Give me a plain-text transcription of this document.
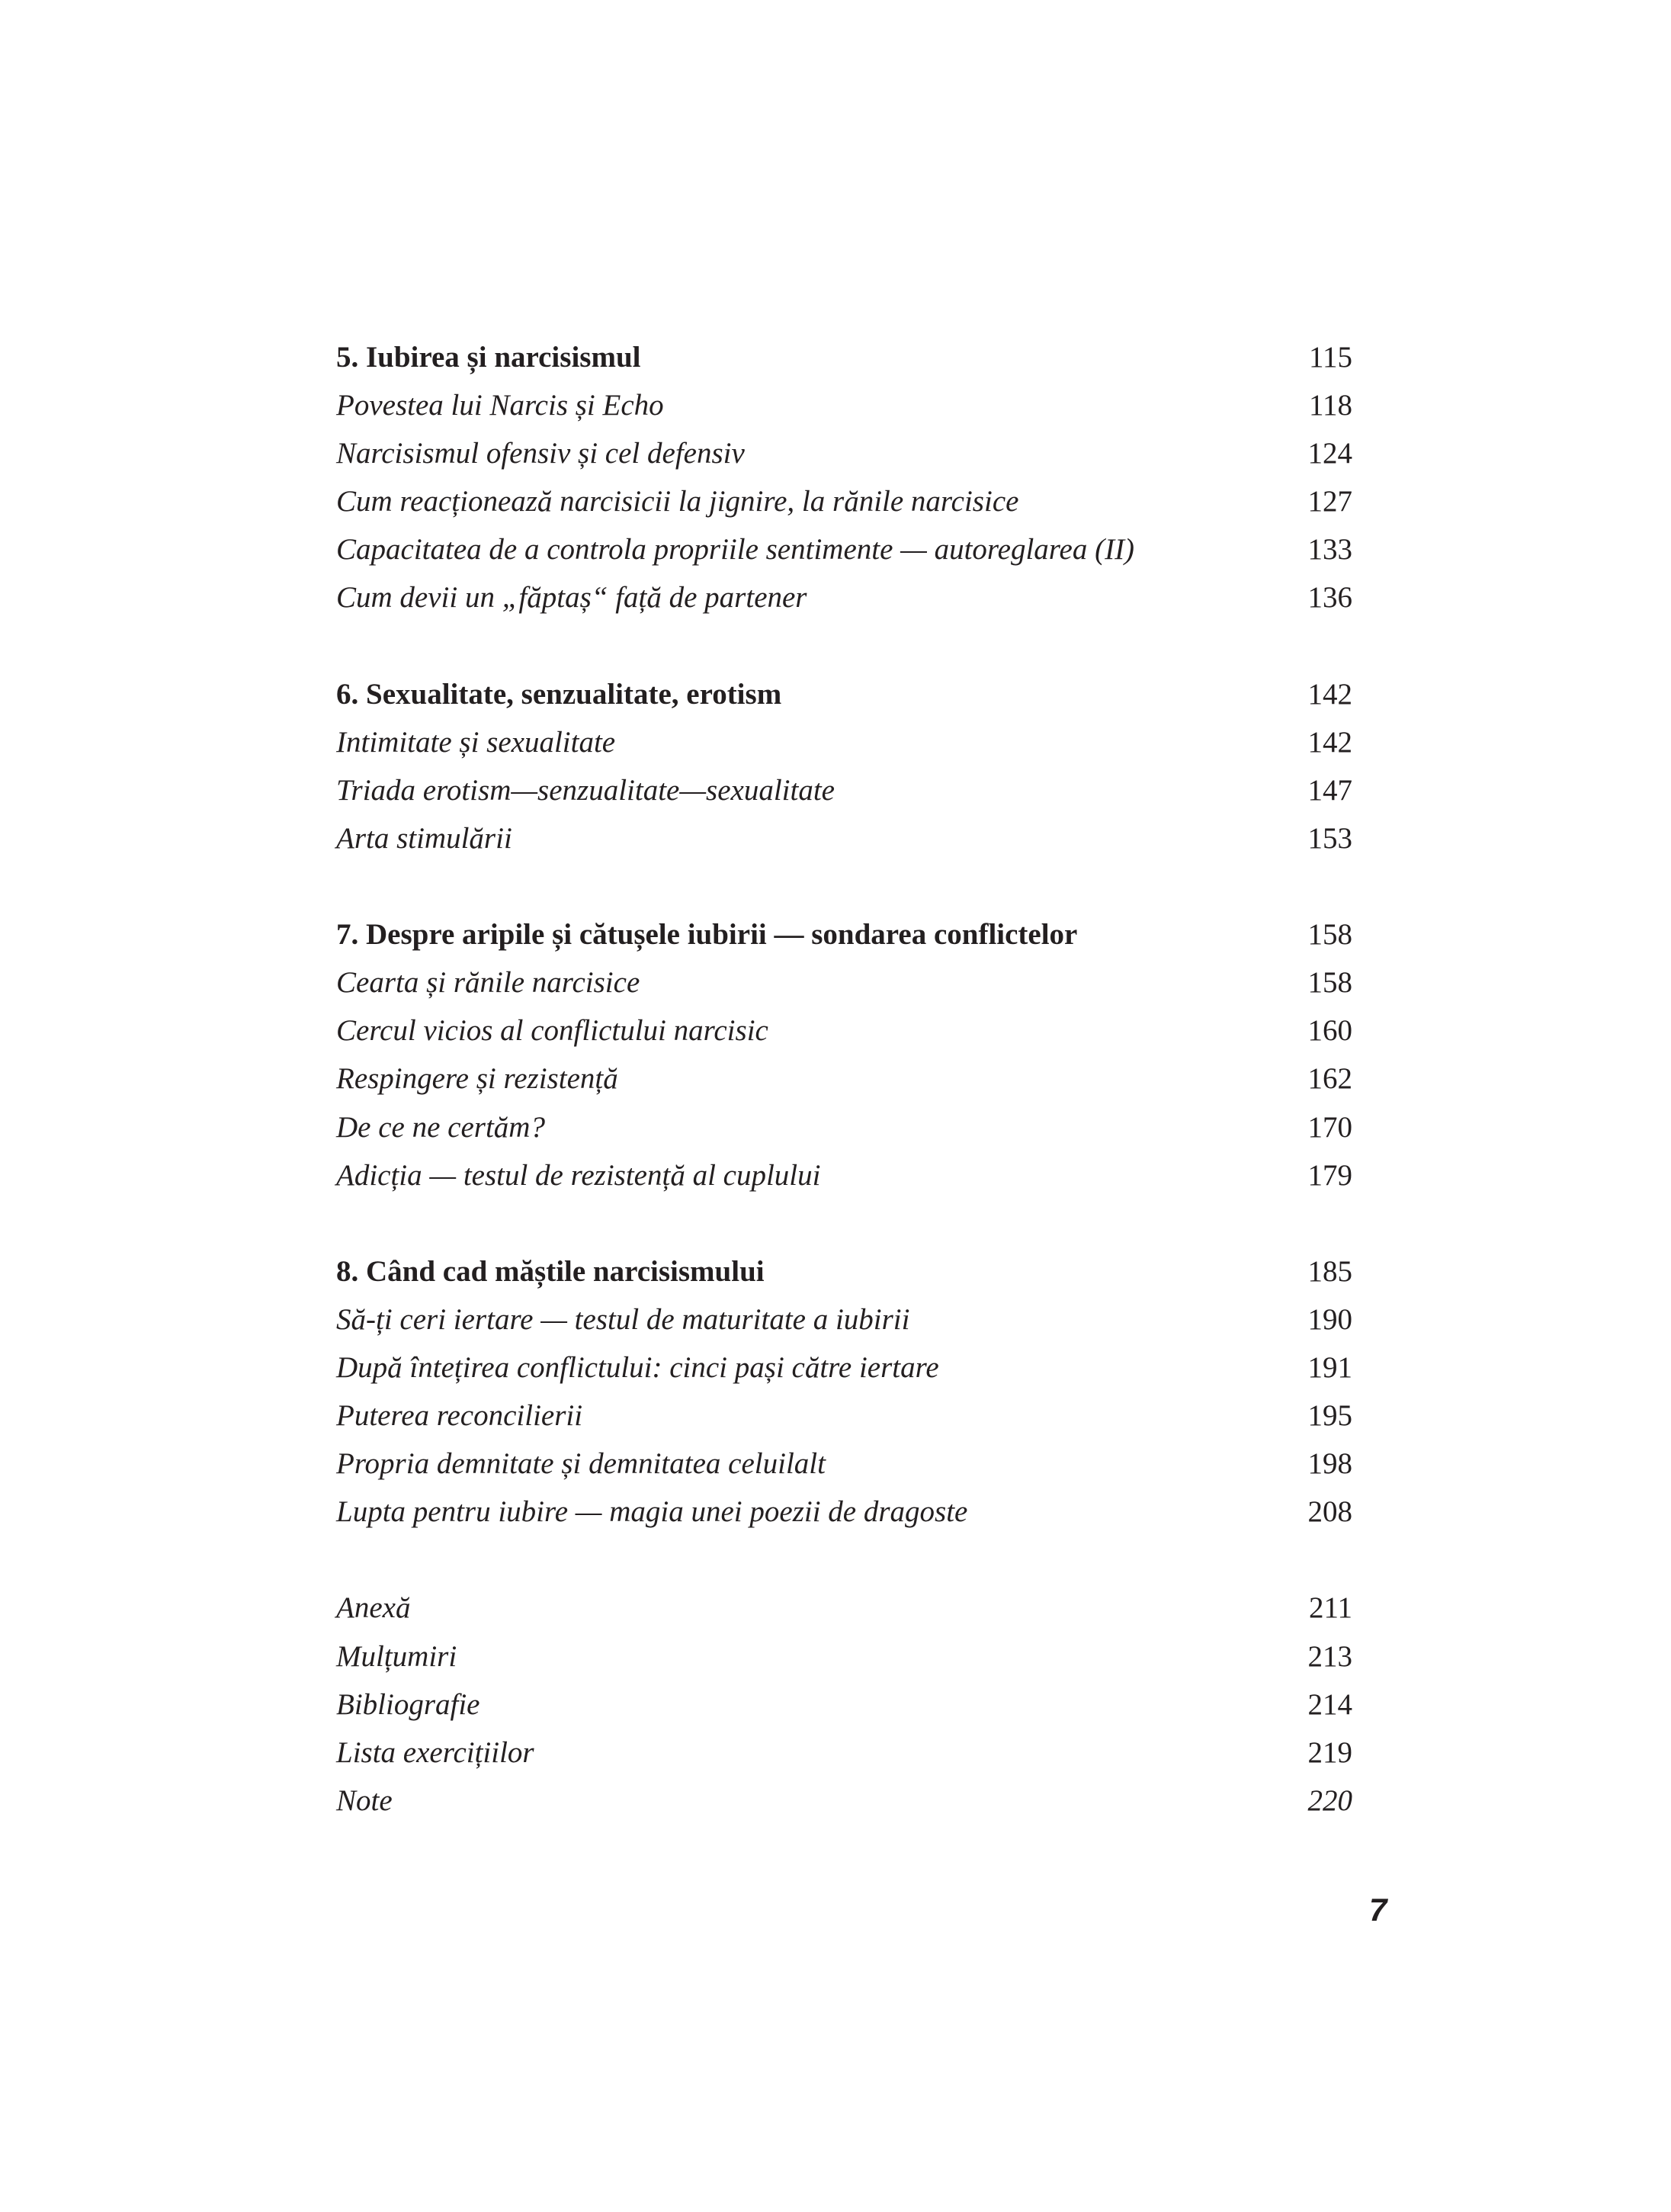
5. Iubirea și narcisismul	115
Povestea lui Narcis și Echo	118
Narcisismul ofensiv și cel defensiv	124
Cum reacționează narcisicii la jignire, la rănile narcisice	127
Capacitatea de a controla propriile sentimente — autoreglarea (II)	133
Cum devii un „făptaș“ față de partener	136
6. Sexualitate, senzualitate, erotism	142
Intimitate și sexualitate	142
Triada erotism—senzualitate—sexualitate	147
Arta stimulării	153
7. Despre aripile și cătușele iubirii — sondarea conflictelor	158
Cearta și rănile narcisice	158
Cercul vicios al conflictului narcisic	160
Respingere și rezistență	162
De ce ne certăm?	170
Adicția — testul de rezistență al cuplului	179
8. Când cad măștile narcisismului	185
Să-ți ceri iertare — testul de maturitate a iubirii	190
După întețirea conflictului: cinci pași către iertare	191
Puterea reconcilierii	195
Propria demnitate și demnitatea celuilalt	198
Lupta pentru iubire — magia unei poezii de dragoste	208
Anexă	211
Mulțumiri	213
Bibliografie	214
Lista exercițiilor	219
Note	220
7
